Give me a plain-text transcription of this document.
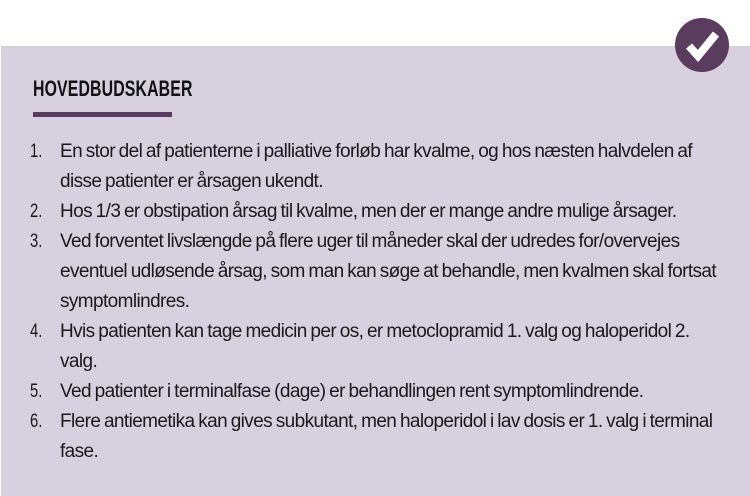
HOVEDBUDSKABER
1. En stor del af patienterne i palliative forløb har kvalme, og hos næsten halvdelen af disse patienter er årsagen ukendt.
2. Hos 1/3 er obstipation årsag til kvalme, men der er mange andre mulige årsager.
3. Ved forventet livslængde på flere uger til måneder skal der udredes for/overvejes eventuel udløsende årsag, som man kan søge at behandle, men kvalmen skal fortsat symptomlindres.
4. Hvis patienten kan tage medicin per os, er metoclopramid 1. valg og haloperidol 2. valg.
5. Ved patienter i terminalfase (dage) er behandlingen rent symptomlindrende.
6. Flere antiemetika kan gives subkutant, men haloperidol i lav dosis er 1. valg i terminal fase.
